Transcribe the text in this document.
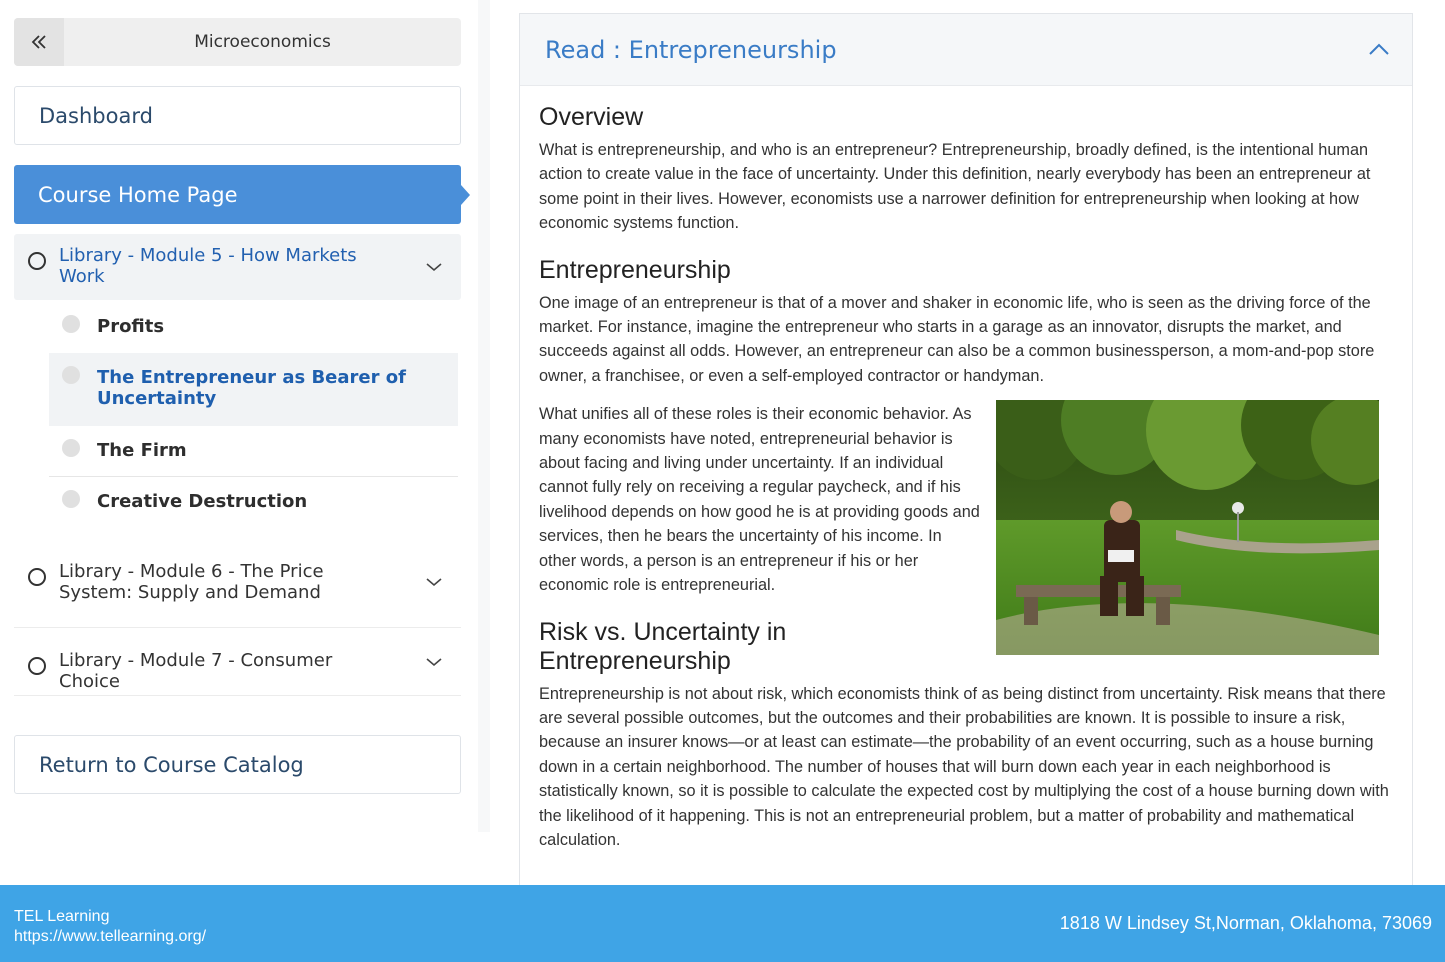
Microeconomics
Dashboard
Course Home Page
Library - Module 5 - How Markets Work
Profits
The Entrepreneur as Bearer of Uncertainty
The Firm
Creative Destruction
Library - Module 6 - The Price System: Supply and Demand
Library - Module 7 - Consumer Choice
Return to Course Catalog
Read : Entrepreneurship
Overview

What is entrepreneurship, and who is an entrepreneur? Entrepreneurship, broadly defined, is the intentional human action to create value in the face of uncertainty. Under this definition, nearly everybody has been an entrepreneur at some point in their lives. However, economists use a narrower definition for entrepreneurship when looking at how economic systems function.

Entrepreneurship

One image of an entrepreneur is that of a mover and shaker in economic life, who is seen as the driving force of the market. For instance, imagine the entrepreneur who starts in a garage as an innovator, disrupts the market, and succeeds against all odds. However, an entrepreneur can also be a common businessperson, a mom-and-pop store owner, a franchisee, or even a self-employed contractor or handyman.

What unifies all of these roles is their economic behavior. As many economists have noted, entrepreneurial behavior is about facing and living under uncertainty. If an individual cannot fully rely on receiving a regular paycheck, and if his livelihood depends on how good he is at providing goods and services, then he bears the uncertainty of his income. In other words, a person is an entrepreneur if his or her economic role is entrepreneurial.

Risk vs. Uncertainty in Entrepreneurship

Entrepreneurship is not about risk, which economists think of as being distinct from uncertainty. Risk means that there are several possible outcomes, but the outcomes and their probabilities are known. It is possible to insure a risk, because an insurer knows—or at least can estimate—the probability of an event occurring, such as a house burning down in a certain neighborhood. The number of houses that will burn down each year in each neighborhood is statistically known, so it is possible to calculate the expected cost by multiplying the cost of a house burning down with the likelihood of it happening. This is not an entrepreneurial problem, but a matter of probability and mathematical calculation.

TEL Learning
https://www.tellearning.org/
1818 W Lindsey St,Norman, Oklahoma, 73069
